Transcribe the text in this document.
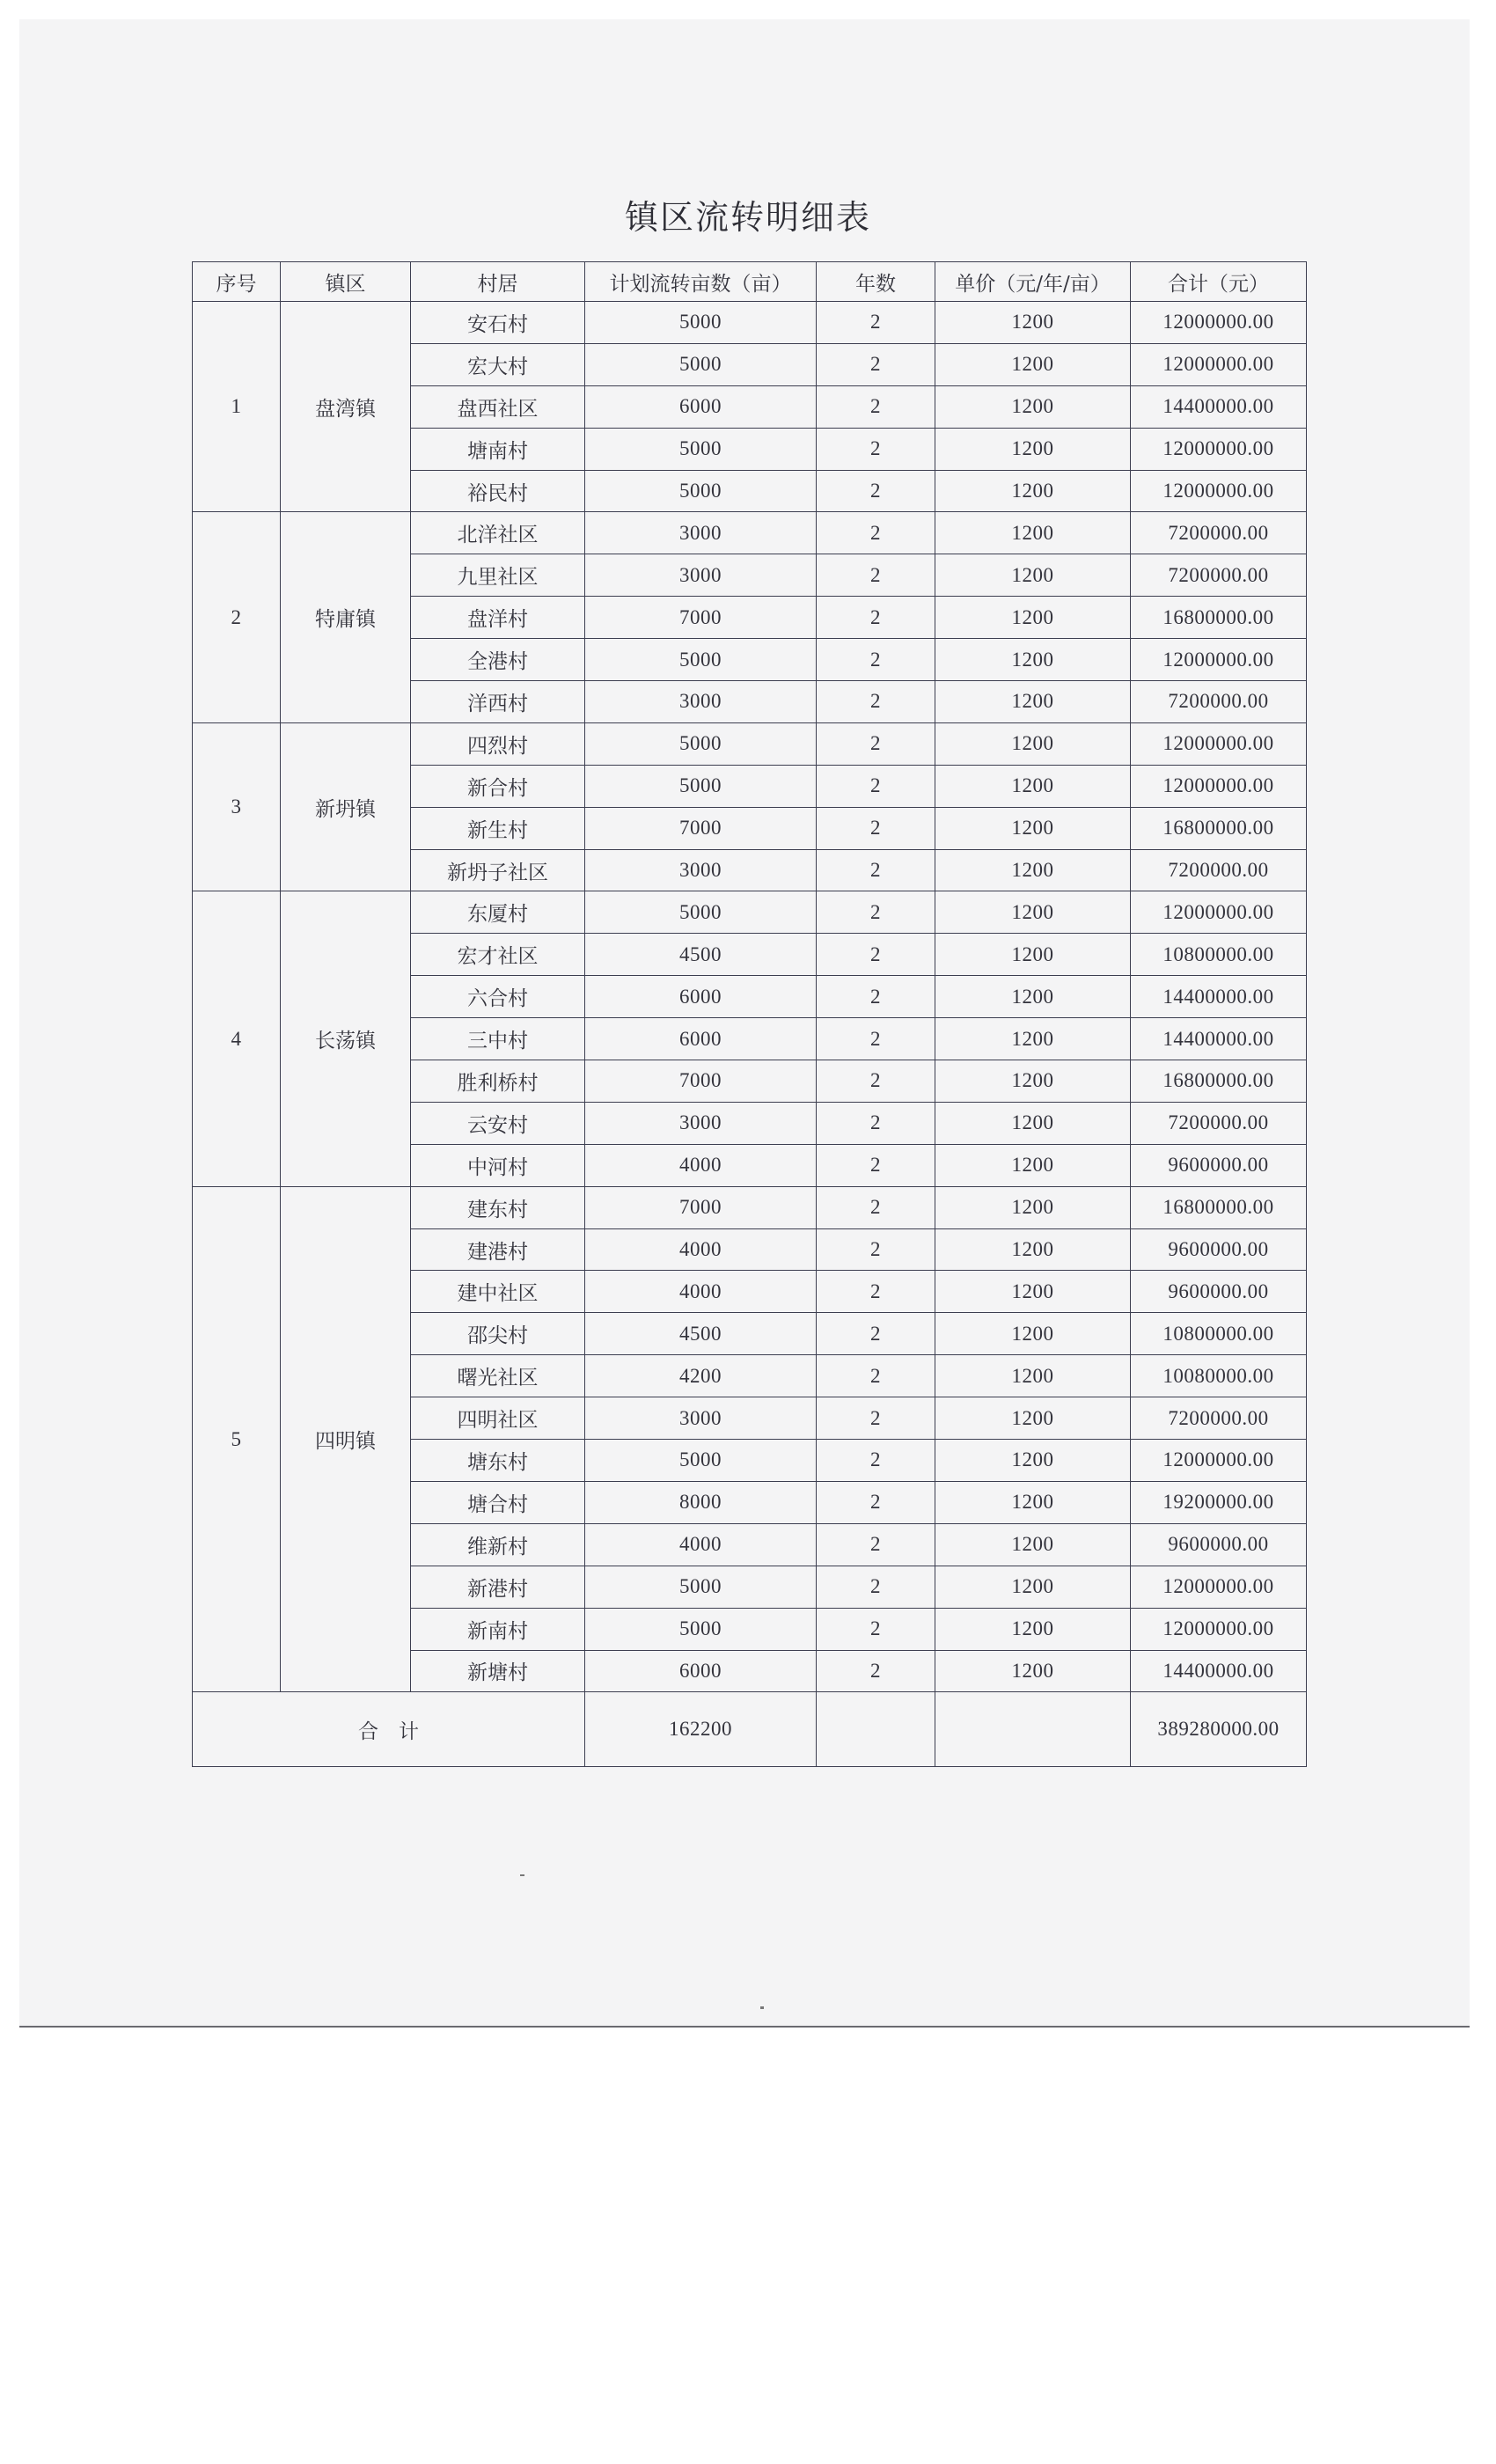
镇区流转明细表
序号	镇区	村居	计划流转亩数（亩）	年数	单价（元/年/亩）	合计（元）
1	盘湾镇	安石村	5000	2	1200	12000000.00
		宏大村	5000	2	1200	12000000.00
		盘西社区	6000	2	1200	14400000.00
		塘南村	5000	2	1200	12000000.00
		裕民村	5000	2	1200	12000000.00
2	特庸镇	北洋社区	3000	2	1200	7200000.00
		九里社区	3000	2	1200	7200000.00
		盘洋村	7000	2	1200	16800000.00
		全港村	5000	2	1200	12000000.00
		洋西村	3000	2	1200	7200000.00
3	新坍镇	四烈村	5000	2	1200	12000000.00
		新合村	5000	2	1200	12000000.00
		新生村	7000	2	1200	16800000.00
		新坍子社区	3000	2	1200	7200000.00
4	长荡镇	东厦村	5000	2	1200	12000000.00
		宏才社区	4500	2	1200	10800000.00
		六合村	6000	2	1200	14400000.00
		三中村	6000	2	1200	14400000.00
		胜利桥村	7000	2	1200	16800000.00
		云安村	3000	2	1200	7200000.00
		中河村	4000	2	1200	9600000.00
5	四明镇	建东村	7000	2	1200	16800000.00
		建港村	4000	2	1200	9600000.00
		建中社区	4000	2	1200	9600000.00
		邵尖村	4500	2	1200	10800000.00
		曙光社区	4200	2	1200	10080000.00
		四明社区	3000	2	1200	7200000.00
		塘东村	5000	2	1200	12000000.00
		塘合村	8000	2	1200	19200000.00
		维新村	4000	2	1200	9600000.00
		新港村	5000	2	1200	12000000.00
		新南村	5000	2	1200	12000000.00
		新塘村	6000	2	1200	14400000.00
合　计			162200			389280000.00
